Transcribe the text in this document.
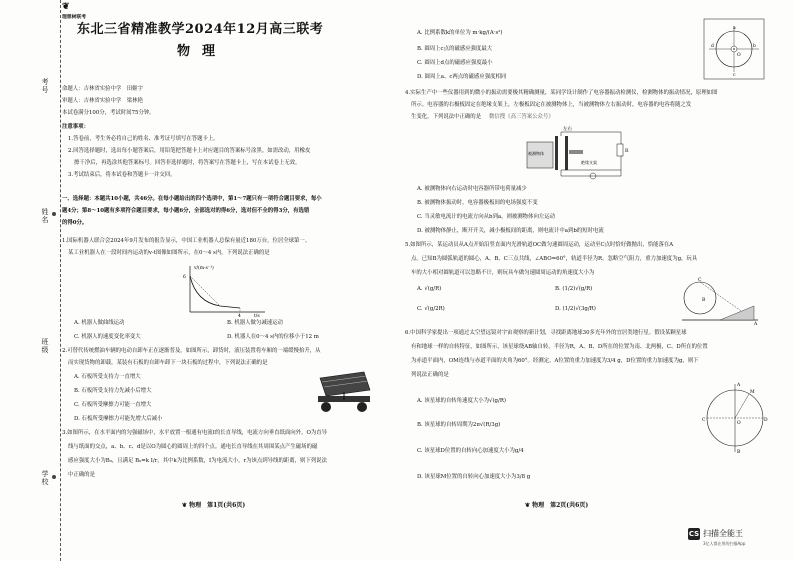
考号
姓名
班级
学校
❦
理想树联考
东北三省精准教学2024年12月高三联考
物理
命题人：吉林省实验中学　田姬宇
审题人：吉林省实验中学　梁林艳
本试卷满分100分，考试时间75分钟。
注意事项：
1.答卷前，考生务必将自己的姓名、准考证号填写在答题卡上。
2.回答选择题时，选出每小题答案后，用铅笔把答题卡上对应题目的答案标号涂黑。如需改动，用橡皮
擦干净后，再选涂其他答案标号。回答非选择题时，将答案写在答题卡上，写在本试卷上无效。
3.考试结束后，将本试卷和答题卡一并交回。
一、选择题：本题共10小题，共46分。在每小题给出的四个选项中，第1～7题只有一项符合题目要求，每小
题4分；第8～10题有多项符合题目要求，每小题6分，全部选对的得6分，选对但不全的得3分，有选错
的得0分。
1.国际机器人联合会2024年9月发布的报告显示，中国工业机器人总保有量近180万台，位居全球第一。
某工业机器人在一段时间内运动的v-t图像如图所示，在0～4 s内，下列说法正确的是
v/(m·s⁻¹)
6
4	t/s
A. 机器人做曲线运动	B. 机器人做匀减速运动
C. 机器人的速度变化率变大	D. 机器人在0～4 s内的位移小于12 m
2.可替代传统燃油车辆的电动自卸车正在逐渐普及。如图所示，卸货时，液压装置将车厢的一端缓慢抬升，从
而实现货物的卸载。某装有石板的自卸车卸下一块石板的过程中，下列说法正确的是
A. 石板所受支持力一直增大
B. 石板所受支持力先减小后增大
C. 石板所受摩擦力可能一直增大
D. 石板所受摩擦力可能先增大后减小
3.如图所示，在水平面内的匀强磁场中，水平放置一根通有电流I的长直导线，电流方向垂直纸面向外。O为直导
线与纸面的交点，a、b、c、d是以O为圆心的圆周上的四个点。通电长直导线在其周围某点产生磁场的磁
感应强度大小为B₀，且满足 B₀=k I/r，其中k为比例系数，I为电流大小，r为该点到导线的距离，则下列说法
中正确的是
❦ 物理　第1页(共6页)
A. 比例系数k的单位为 m·kg/(A·s²)
B. 圆周上c点的磁感应强度最大
C. 圆周上d点的磁感应强度最小
D. 圆周上a、c两点的磁感应强度相同
a
b
c
d
O
4.实际生产中一些仪器用到的微小的振动需要极其精确测量，某同学设计制作了电容器振动检测仪，检测物体的振动情况，原理如图
所示。电容器的右极板固定在绝缘支架上，左极板固定在被测物体上，当被测物体左右振动时，电容器的电容将随之发
生变化。下列说法中正确的是 微信搜《高三答案公众号》
左右
被测物体
绝缘支架
R
A. 被测物体向右运动时电容器所带电荷量减少
B. 被测物体振动时，电容器极板间的电场强度不变
C. 当灵敏电流计的电流方向从b到a，则被测物体向左运动
D. 被测物体静止，断开开关，减小极板间的距离，则电流计中a到b的短时电流
5.如图所示，某运动员从A点开始沿竖直面内光滑轨道OC做匀速圆周运动，运动至C点时恰好做抛出，恰能落在A
点。已知B为圆弧轨道的圆心，A、B、C三点共线，∠ABO=60°，轨道半径为R。忽略空气阻力，重力加速度为g，玩具
车的大小相对圆轨道可以忽略不计，则玩具车做匀速圆周运动的角速度大小为
A. √(g/R)	B. (1/2)√(g/R)
C. √(g/2R)	D. (1/2)√(3g/R)
C
B
A
6.中国科学家提出一项通过太空望远镜对宇宙观察的新计划，寻找距离地球30多光年外的宜居类地行星。假设某颗星球
有和地球一样的自转特征，如图所示，该星球绕AB轴自转，半径为R，A、B、D所在的位置为南、北两极，C、D所在的位置
为赤道平面内，OM连线与赤道平面的夹角为60°。经测定，A位置的重力加速度为3/4 g，D位置的重力加速度为g，则下
列说法正确的是
A
B
C	D
M
O
A. 该星球的自转角速度大小为√(g/R)
B. 该星球的自转周期为2π√(R/3g)
C. 该星球D位置的自转向心加速度大小为g/4
D. 该星球M位置的自转向心加速度大小为3/8 g
❦ 物理　第2页(共6页)
CS 扫描全能王
3亿人都在用的扫描App
